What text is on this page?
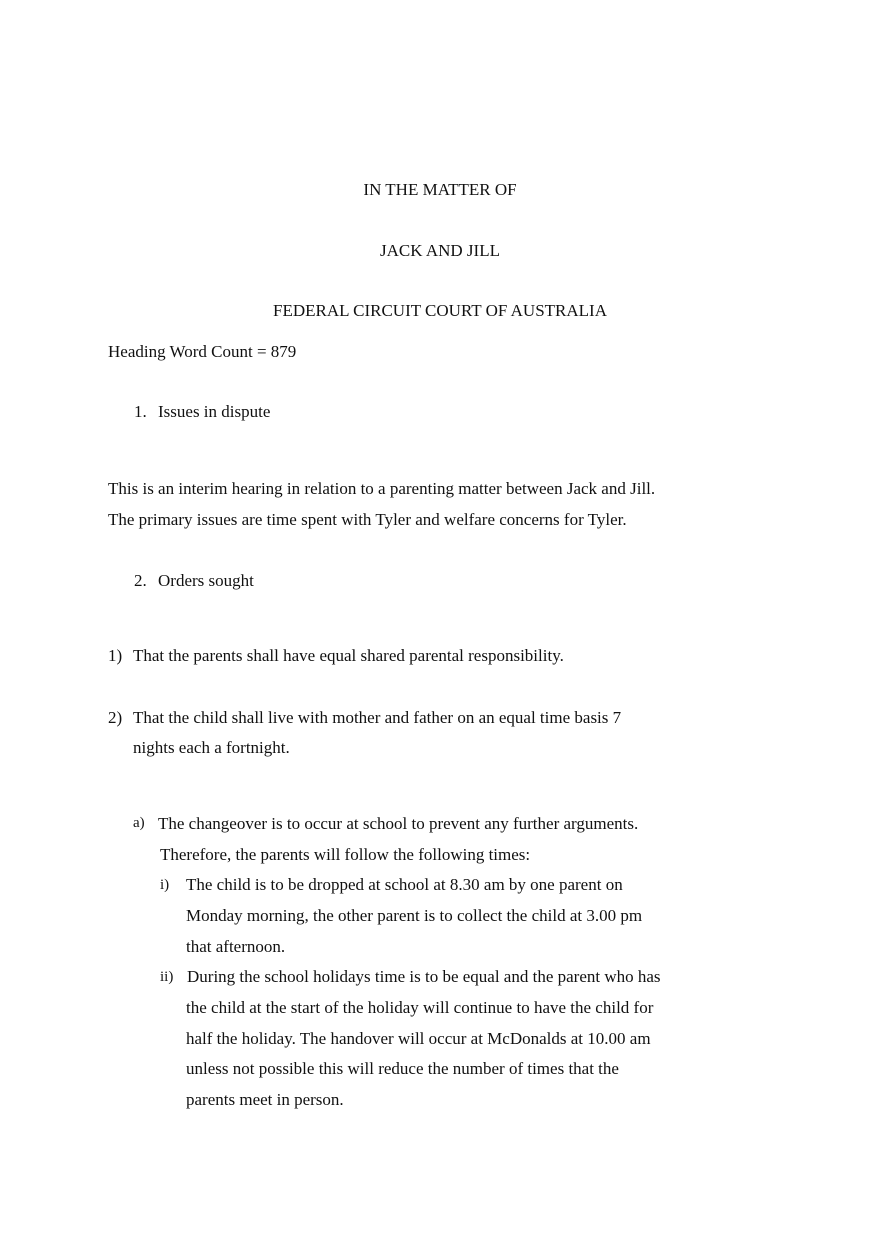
IN THE MATTER OF
JACK AND JILL
FEDERAL CIRCUIT COURT OF AUSTRALIA
Heading Word Count = 879
1. Issues in dispute
This is an interim hearing in relation to a parenting matter between Jack and Jill.
The primary issues are time spent with Tyler and welfare concerns for Tyler.
2. Orders sought
1) That the parents shall have equal shared parental responsibility.
2) That the child shall live with mother and father on an equal time basis 7
nights each a fortnight.
a) The changeover is to occur at school to prevent any further arguments.
Therefore, the parents will follow the following times:
i) The child is to be dropped at school at 8.30 am by one parent on
Monday morning, the other parent is to collect the child at 3.00 pm
that afternoon.
ii) During the school holidays time is to be equal and the parent who has
the child at the start of the holiday will continue to have the child for
half the holiday. The handover will occur at McDonalds at 10.00 am
unless not possible this will reduce the number of times that the
parents meet in person.
